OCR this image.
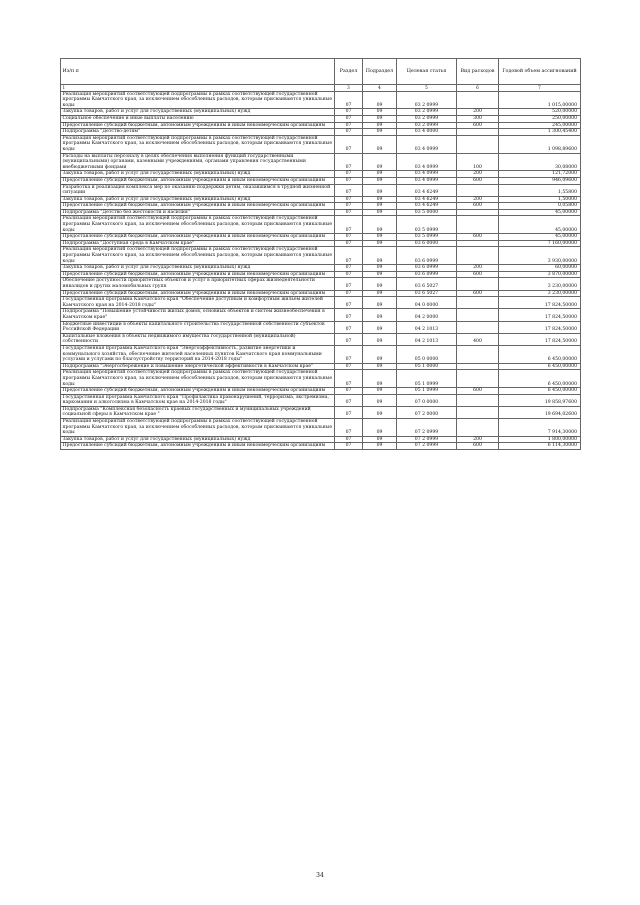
Из/п п	Раздел	Подраздел	Целевая статья	Вид расходов	Годовой объем ассигнований
1	3	4	5	6	7
Реализация мероприятий соответствующей подпрограммы в рамках соответствующей государственной программы Камчатского края, за исключением обособленных расходов, которым присваиваются уникальные коды	07	09	03 2 0999		1 015,00000
Закупка товаров, работ и услуг для государственных (муниципальных) нужд	07	09	03 2 0999	200	520,00000
Социальное обеспечение и иные выплаты населению	07	09	03 2 0999	300	250,00000
Предоставление субсидий бюджетным, автономным учреждениям и иным некоммерческим организациям	07	09	03 2 0999	600	245,00000
Подпрограмма "Детство-детям"	07	09	03 4 0000		1 300,45400
Реализация мероприятий соответствующей подпрограммы в рамках соответствующей государственной программы Камчатского края, за исключением обособленных расходов, которым присваиваются уникальные коды	07	09	03 4 0999		1 098,89600
Расходы на выплаты персоналу в целях обеспечения выполнения функций государственными (муниципальными) органами, казенными учреждениями, органами управления государственными внебюджетными фондами	07	09	03 4 0999	100	30,08000
Закупка товаров, работ и услуг для государственных (муниципальных) нужд	07	09	03 4 0999	200	121,72000
Предоставление субсидий бюджетным, автономным учреждениям и иным некоммерческим организациям	07	09	03 4 0999	600	946,09600
Разработка и реализация комплекса мер по оказанию поддержки детям, оказавшимся в трудной жизненной ситуации	07	09	03 4 6249		1,55800
Закупка товаров, работ и услуг для государственных (муниципальных) нужд	07	09	03 4 6249	200	1,50000
Предоставление субсидий бюджетным, автономным учреждениям и иным некоммерческим организациям	07	09	03 4 6249	600	0,05800
Подпрограмма "Детство без жестокости и насилия"	07	09	03 5 0000		45,00000
Реализация мероприятий соответствующей подпрограммы в рамках соответствующей государственной программы Камчатского края, за исключением обособленных расходов, которым присваиваются уникальные коды	07	09	03 5 0999		45,00000
Предоставление субсидий бюджетным, автономным учреждениям и иным некоммерческим организациям	07	09	03 5 0999	600	45,00000
Подпрограмма "Доступная среда в Камчатском крае"	07	09	03 6 0000		7 160,00000
Реализация мероприятий соответствующей подпрограммы в рамках соответствующей государственной программы Камчатского края, за исключением обособленных расходов, которым присваиваются уникальные коды	07	09	03 6 0999		3 930,00000
Закупка товаров, работ и услуг для государственных (муниципальных) нужд	07	09	03 6 0999	200	60,00000
Предоставление субсидий бюджетным, автономным учреждениям и иным некоммерческим организациям	07	09	03 6 0999	600	3 870,00000
Обеспечение доступности приоритетных объектов и услуг в приоритетных сферах жизнедеятельности инвалидов и других маломобильных групп	07	09	03 6 5027		3 230,00000
Предоставление субсидий бюджетным, автономным учреждениям и иным некоммерческим организациям	07	09	03 6 5027	600	3 230,00000
Государственная программа Камчатского края "Обеспечение доступным и комфортным жильем жителей Камчатского края на 2014-2018 годы"	07	09	04 0 0000		17 824,50000
Подпрограмма "Повышение устойчивости жилых домов, основных объектов и систем жизнеобеспечения в Камчатском крае"	07	09	04 2 0000		17 824,50000
Бюджетные инвестиции в объекты капитального строительства государственной собственности субъектов Российской Федерации	07	09	04 2 1013		17 824,50000
Капитальные вложения в объекты недвижимого имущества государственной (муниципальной) собственности	07	09	04 2 1013	400	17 824,50000
Государственная программа Камчатского края "Энергоэффективность, развитие энергетики и коммунального хозяйства, обеспечение жителей населенных пунктов Камчатского края коммунальными услугами и услугами по благоустройству территорий на 2014-2018 годы"	07	09	05 0 0000		6 450,00000
Подпрограмма "Энергосбережение и повышение энергетической эффективности в Камчатском крае"	07	09	05 1 0000		6 450,00000
Реализация мероприятий соответствующей подпрограммы в рамках соответствующей государственной программы Камчатского края, за исключением обособленных расходов, которым присваиваются уникальные коды	07	09	05 1 0999		6 450,00000
Предоставление субсидий бюджетным, автономным учреждениям и иным некоммерческим организациям	07	09	05 1 0999	600	6 450,00000
Государственная программа Камчатского края "Профилактика правонарушений, терроризма, экстремизма, наркомании и алкоголизма в Камчатском крае на 2014-2018 годы"	07	09	07 0 0000		19 858,97600
Подпрограмма "Комплексная безопасность краевых государственных и муниципальных учреждений социальной сферы в Камчатском крае "	07	09	07 2 0000		19 694,02600
Реализация мероприятий соответствующей подпрограммы в рамках соответствующей государственной программы Камчатского края, за исключением обособленных расходов, которым присваиваются уникальные коды	07	09	07 2 0999		7 914,30000
Закупка товаров, работ и услуг для государственных (муниципальных) нужд	07	09	07 2 0999	200	1 800,00000
Предоставление субсидий бюджетным, автономным учреждениям и иным некоммерческим организациям	07	09	07 2 0999	600	6 114,30000
34
